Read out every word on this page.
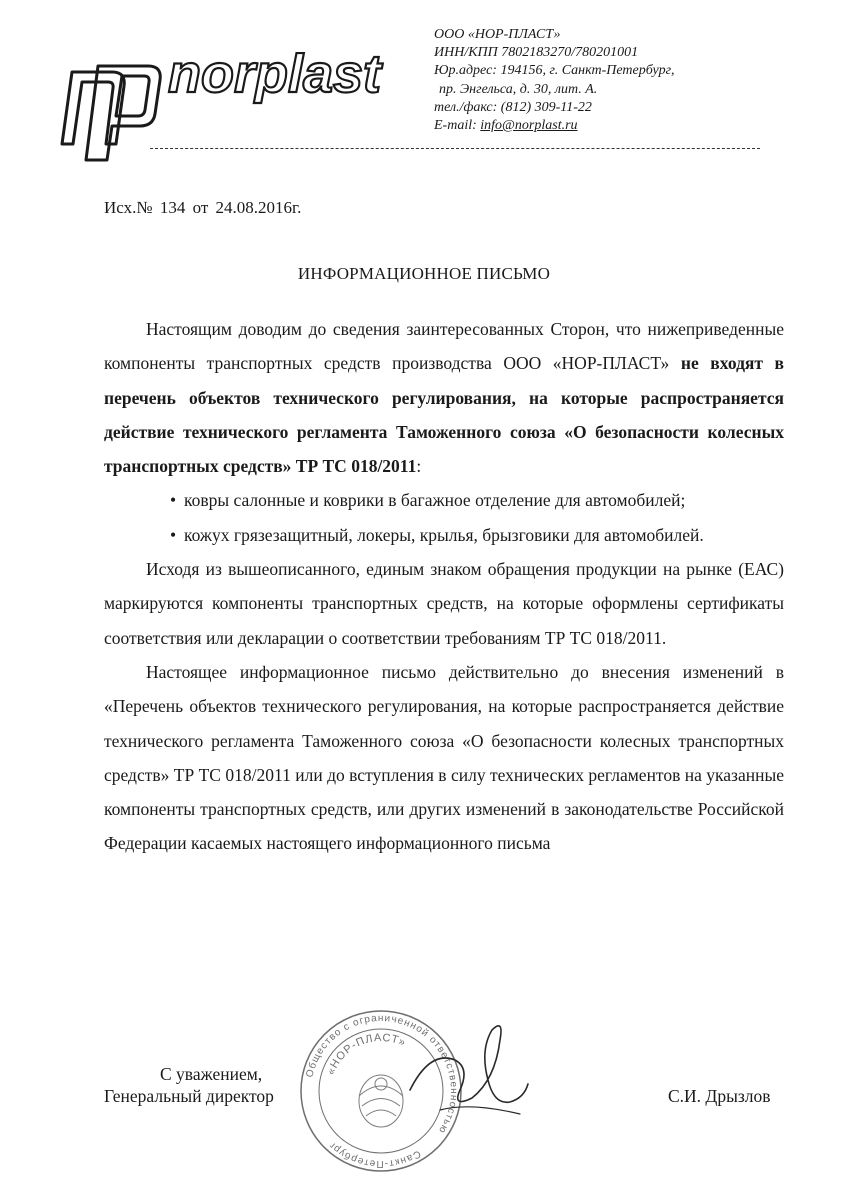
norplast
ООО «НОР-ПЛАСТ»
ИНН/КПП 7802183270/780201001
Юр.адрес: 194156, г. Санкт-Петербург,
пр. Энгельса, д. 30, лит. А.
тел./факс: (812) 309-11-22
E-mail: info@norplast.ru
Исх.№ 134 от 24.08.2016г.
ИНФОРМАЦИОННОЕ ПИСЬМО

Настоящим доводим до сведения заинтересованных Сторон, что нижеприведенные компоненты транспортных средств производства ООО «НОР-ПЛАСТ» не входят в перечень объектов технического регулирования, на которые распространяется действие технического регламента Таможенного союза «О безопасности колесных транспортных средств» ТР ТС 018/2011:

• ковры салонные и коврики в багажное отделение для автомобилей;
• кожух грязезащитный, локеры, крылья, брызговики для автомобилей.

Исходя из вышеописанного, единым знаком обращения продукции на рынке (ЕАС) маркируются компоненты транспортных средств, на которые оформлены сертификаты соответствия или декларации о соответствии требованиям ТР ТС 018/2011.

Настоящее информационное письмо действительно до внесения изменений в «Перечень объектов технического регулирования, на которые распространяется действие технического регламента Таможенного союза «О безопасности колесных транспортных средств» ТР ТС 018/2011 или до вступления в силу технических регламентов на указанные компоненты транспортных средств, или других изменений в законодательстве Российской Федерации касаемых настоящего информационного письма

С уважением,
Генеральный директор	С.И. Дрызлов
Общество с ограниченной ответственностью
Санкт-Петербург
«НОР-ПЛАСТ»
